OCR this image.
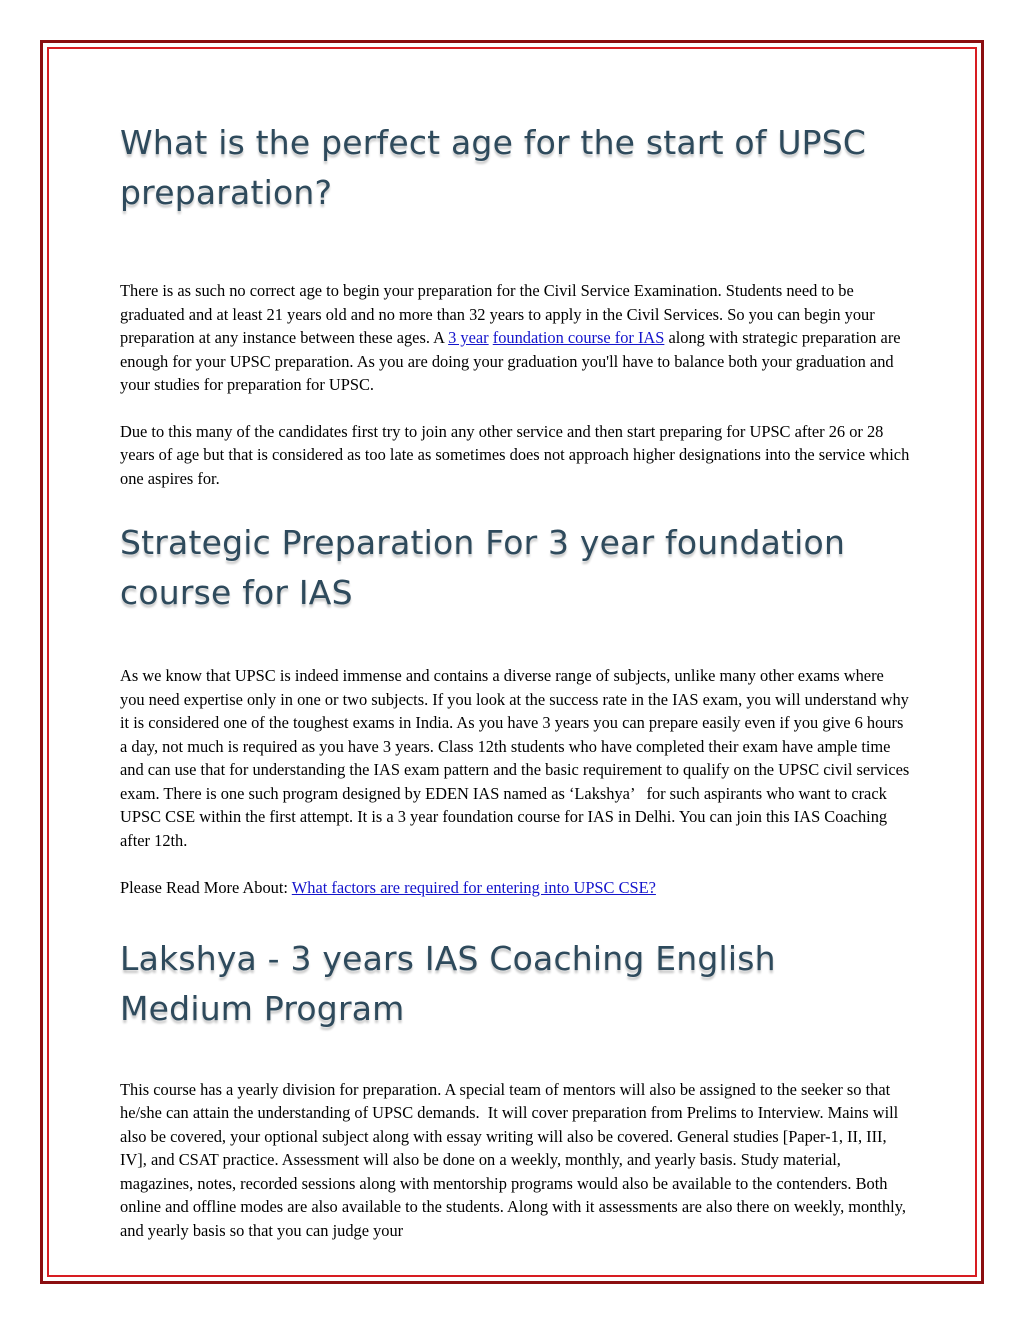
What is the perfect age for the start of UPSC preparation?

There is as such no correct age to begin your preparation for the Civil Service Examination. Students need to be graduated and at least 21 years old and no more than 32 years to apply in the Civil Services. So you can begin your preparation at any instance between these ages. A 3 year foundation course for IAS along with strategic preparation are enough for your UPSC preparation. As you are doing your graduation you'll have to balance both your graduation and your studies for preparation for UPSC.

Due to this many of the candidates first try to join any other service and then start preparing for UPSC after 26 or 28 years of age but that is considered as too late as sometimes does not approach higher designations into the service which one aspires for.

Strategic Preparation For 3 year foundation course for IAS

As we know that UPSC is indeed immense and contains a diverse range of subjects, unlike many other exams where you need expertise only in one or two subjects. If you look at the success rate in the IAS exam, you will understand why it is considered one of the toughest exams in India. As you have 3 years you can prepare easily even if you give 6 hours a day, not much is required as you have 3 years. Class 12th students who have completed their exam have ample time and can use that for understanding the IAS exam pattern and the basic requirement to qualify on the UPSC civil services exam. There is one such program designed by EDEN IAS named as ‘Lakshya’   for such aspirants who want to crack UPSC CSE within the first attempt. It is a 3 year foundation course for IAS in Delhi. You can join this IAS Coaching after 12th.

Please Read More About: What factors are required for entering into UPSC CSE?

Lakshya - 3 years IAS Coaching English Medium Program

This course has a yearly division for preparation. A special team of mentors will also be assigned to the seeker so that he/she can attain the understanding of UPSC demands.  It will cover preparation from Prelims to Interview. Mains will also be covered, your optional subject along with essay writing will also be covered. General studies [Paper-1, II, III, IV], and CSAT practice. Assessment will also be done on a weekly, monthly, and yearly basis. Study material, magazines, notes, recorded sessions along with mentorship programs would also be available to the contenders. Both online and offline modes are also available to the students. Along with it assessments are also there on weekly, monthly, and yearly basis so that you can judge your
